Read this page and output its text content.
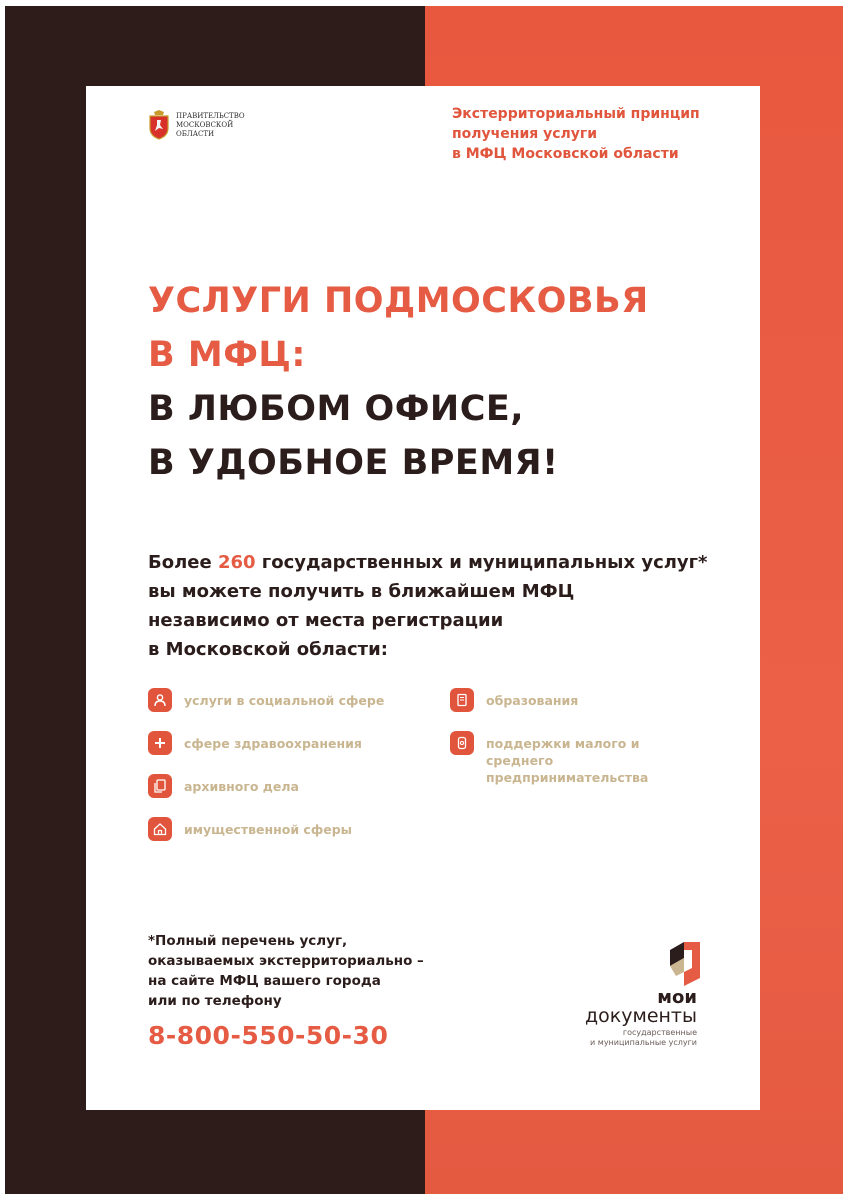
ПРАВИТЕЛЬСТВО
МОСКОВСКОЙ
ОБЛАСТИ
Экстерриториальный принцип
получения услуги
в МФЦ Московской области
УСЛУГИ ПОДМОСКОВЬЯ
В МФЦ:
В ЛЮБОМ ОФИСЕ,
В УДОБНОЕ ВРЕМЯ!
Более 260 государственных и муниципальных услуг*
вы можете получить в ближайшем МФЦ
независимо от места регистрации
в Московской области:
услуги в социальной сфере
сфере здравоохранения
архивного дела
имущественной сферы
образования
поддержки малого и среднего предпринимательства
*Полный перечень услуг,
оказываемых экстерриториально –
на сайте МФЦ вашего города
или по телефону
8-800-550-50-30
мои
документы
государственные
и муниципальные услуги
